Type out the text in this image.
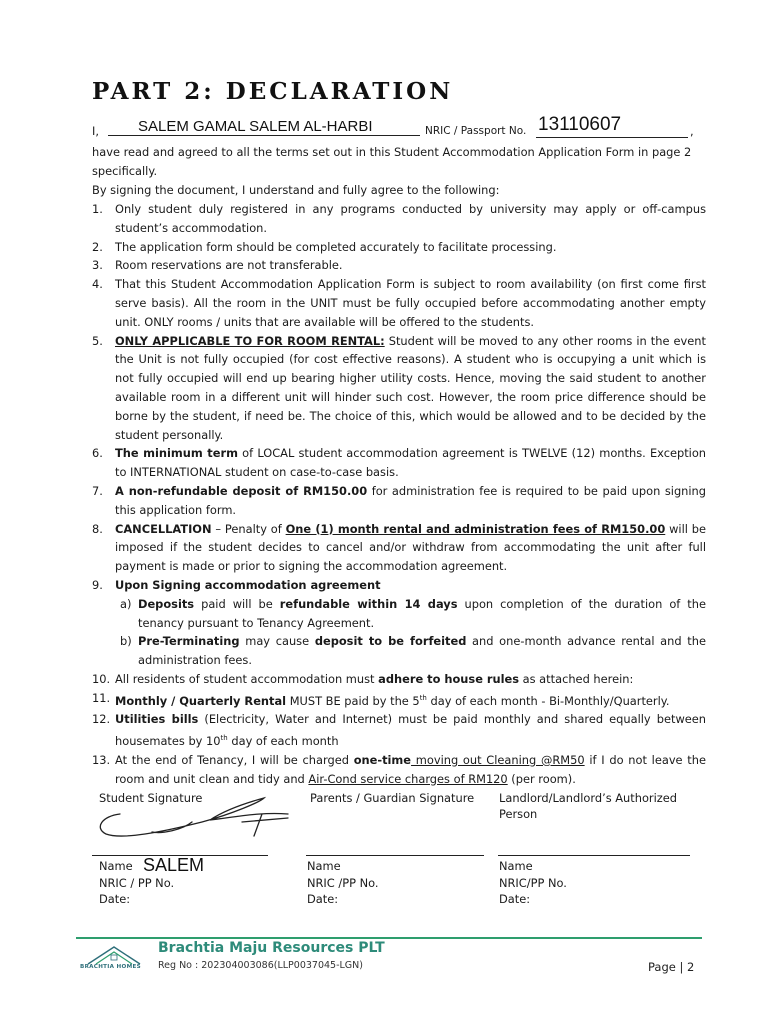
PART 2: DECLARATION
I,	SALEM GAMAL SALEM AL-HARBI	NRIC / Passport No. 13110607	,
have read and agreed to all the terms set out in this Student Accommodation Application Form in page 2
specifically.
By signing the document, I understand and fully agree to the following:
1. Only student duly registered in any programs conducted by university may apply or off-campus student’s accommodation.
2. The application form should be completed accurately to facilitate processing.
3. Room reservations are not transferable.
4. That this Student Accommodation Application Form is subject to room availability (on first come first serve basis). All the room in the UNIT must be fully occupied before accommodating another empty unit. ONLY rooms / units that are available will be offered to the students.
5. ONLY APPLICABLE TO FOR ROOM RENTAL: Student will be moved to any other rooms in the event the Unit is not fully occupied (for cost effective reasons). A student who is occupying a unit which is not fully occupied will end up bearing higher utility costs. Hence, moving the said student to another available room in a different unit will hinder such cost. However, the room price difference should be borne by the student, if need be. The choice of this, which would be allowed and to be decided by the student personally.
6. The minimum term of LOCAL student accommodation agreement is TWELVE (12) months. Exception to INTERNATIONAL student on case-to-case basis.
7. A non-refundable deposit of RM150.00 for administration fee is required to be paid upon signing this application form.
8. CANCELLATION – Penalty of One (1) month rental and administration fees of RM150.00 will be imposed if the student decides to cancel and/or withdraw from accommodating the unit after full payment is made or prior to signing the accommodation agreement.
9. Upon Signing accommodation agreement
a) Deposits paid will be refundable within 14 days upon completion of the duration of the tenancy pursuant to Tenancy Agreement.
b) Pre-Terminating may cause deposit to be forfeited and one-month advance rental and the administration fees.
10. All residents of student accommodation must adhere to house rules as attached herein:
11. Monthly / Quarterly Rental MUST BE paid by the 5th day of each month - Bi-Monthly/Quarterly.
12. Utilities bills (Electricity, Water and Internet) must be paid monthly and shared equally between housemates by 10th day of each month
13. At the end of Tenancy, I will be charged one-time moving out Cleaning @RM50 if I do not leave the room and unit clean and tidy and Air-Cond service charges of RM120 (per room).
Student Signature
Name SALEM
NRIC / PP No.
Date:
Parents / Guardian Signature
Name
NRIC /PP No.
Date:
Landlord/Landlord’s Authorized Person
Name
NRIC/PP No.
Date:
BRACHTIA HOMES
Brachtia Maju Resources PLT
Reg No : 202304003086(LLP0037045-LGN)	Page | 2
